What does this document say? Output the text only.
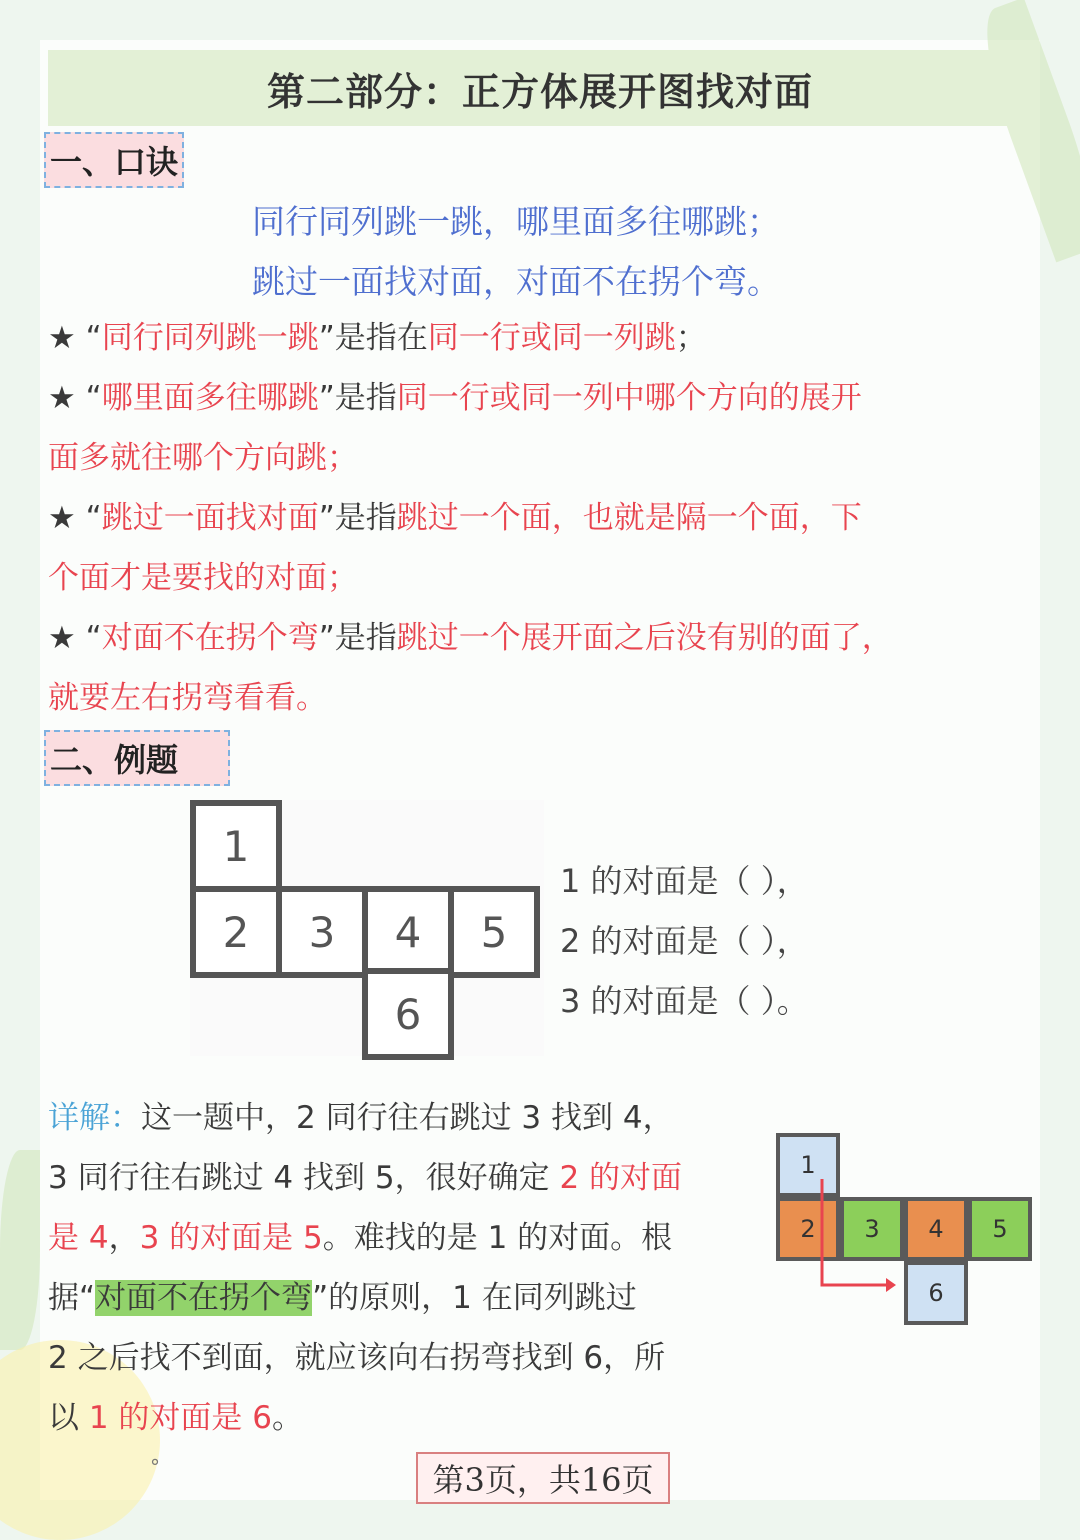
第二部分：正方体展开图找对面
一、口诀
同行同列跳一跳，哪里面多往哪跳；
跳过一面找对面，对面不在拐个弯。
★ “同行同列跳一跳”是指在同一行或同一列跳；
★ “哪里面多往哪跳”是指同一行或同一列中哪个方向的展开
面多就往哪个方向跳；
★ “跳过一面找对面”是指跳过一个面，也就是隔一个面，下
个面才是要找的对面；
★ “对面不在拐个弯”是指跳过一个展开面之后没有别的面了，
就要左右拐弯看看。
二、例题
1
2	3	4	5
6
1 的对面是（ ），
2 的对面是（ ），
3 的对面是（ ）。
详解：这一题中，2 同行往右跳过 3 找到 4，
3 同行往右跳过 4 找到 5，很好确定 2 的对面
是 4，3 的对面是 5。难找的是 1 的对面。根
据“对面不在拐个弯”的原则，1 在同列跳过
2 之后找不到面，就应该向右拐弯找到 6，所
以 1 的对面是 6。
°
1
2	3	4	5
6
第3页，共16页
